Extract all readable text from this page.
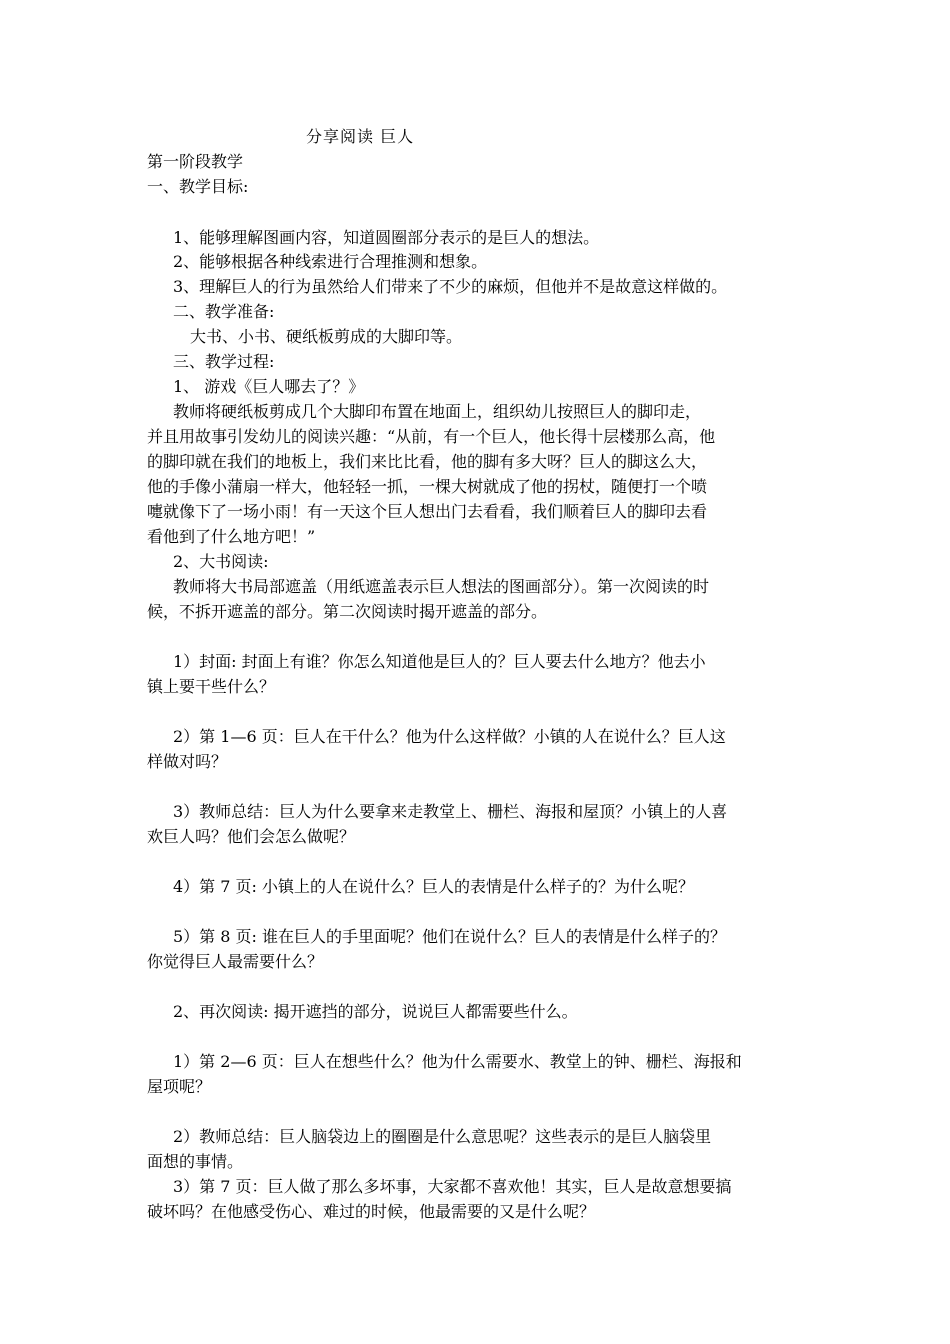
分享阅读 巨人
第一阶段教学
一、教学目标:
1、能够理解图画内容，知道圆圈部分表示的是巨人的想法。
2、能够根据各种线索进行合理推测和想象。
3、理解巨人的行为虽然给人们带来了不少的麻烦，但他并不是故意这样做的。
二、教学准备:
大书、小书、硬纸板剪成的大脚印等。
三、教学过程:
1、 游戏《巨人哪去了？》
教师将硬纸板剪成几个大脚印布置在地面上，组织幼儿按照巨人的脚印走，
并且用故事引发幼儿的阅读兴趣：“从前，有一个巨人，他长得十层楼那么高，他
的脚印就在我们的地板上，我们来比比看，他的脚有多大呀？巨人的脚这么大，
他的手像小蒲扇一样大，他轻轻一抓，一棵大树就成了他的拐杖，随便打一个喷
嚏就像下了一场小雨！有一天这个巨人想出门去看看，我们顺着巨人的脚印去看
看他到了什么地方吧！”
2、大书阅读:
教师将大书局部遮盖（用纸遮盖表示巨人想法的图画部分）。第一次阅读的时
候，不拆开遮盖的部分。第二次阅读时揭开遮盖的部分。
1）封面: 封面上有谁？你怎么知道他是巨人的？巨人要去什么地方？他去小
镇上要干些什么？
2）第 1—6 页：巨人在干什么？他为什么这样做？小镇的人在说什么？巨人这
样做对吗？
3）教师总结：巨人为什么要拿来走教堂上、栅栏、海报和屋顶？小镇上的人喜
欢巨人吗？他们会怎么做呢？
4）第 7 页: 小镇上的人在说什么？巨人的表情是什么样子的？为什么呢？
5）第 8 页: 谁在巨人的手里面呢？他们在说什么？巨人的表情是什么样子的？
你觉得巨人最需要什么？
2、再次阅读: 揭开遮挡的部分，说说巨人都需要些什么。
1）第 2—6 页：巨人在想些什么？他为什么需要水、教堂上的钟、栅栏、海报和
屋项呢？
2）教师总结：巨人脑袋边上的圈圈是什么意思呢？这些表示的是巨人脑袋里
面想的事情。
3）第 7 页：巨人做了那么多坏事，大家都不喜欢他！其实，巨人是故意想要搞
破坏吗？在他感受伤心、难过的时候，他最需要的又是什么呢？
